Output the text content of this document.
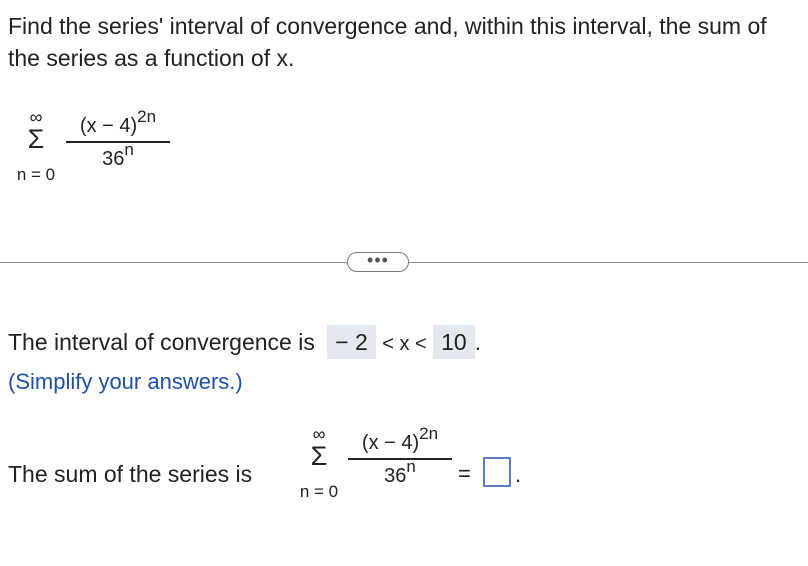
Find the series' interval of convergence and, within this interval, the sum of the series as a function of x.
∞
Σ
n = 0
$(x - 4)^{2n}$
36$^n$
•••
The interval of convergence is − 2 < x < 10 .
(Simplify your answers.)
The sum of the series is
∞
Σ
n = 0
$(x - 4)^{2n}$
$36^n$	= .
